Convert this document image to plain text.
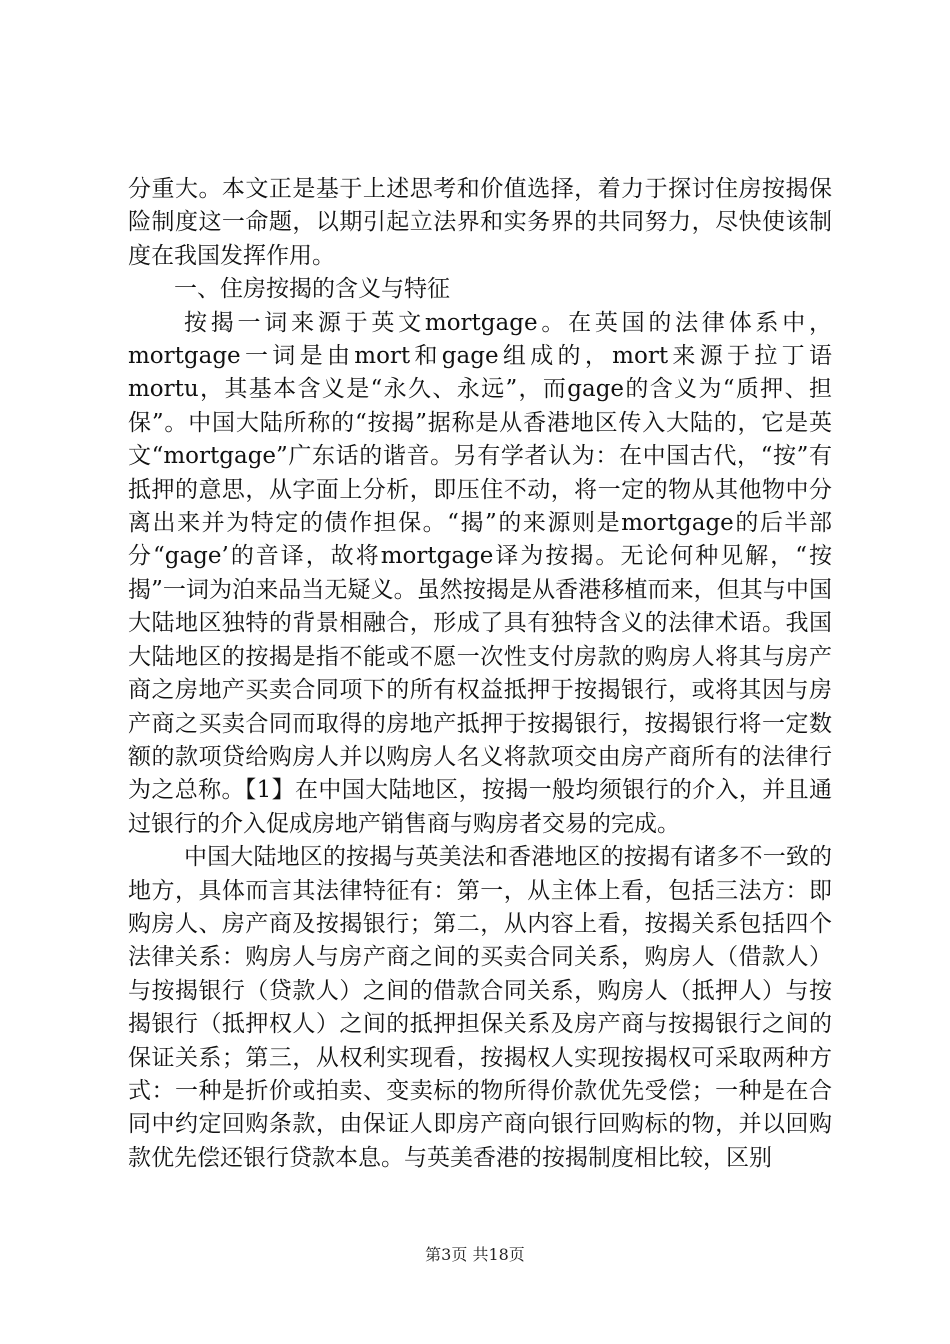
分重大。本文正是基于上述思考和价值选择，着力于探讨住房按揭保险制度这一命题，以期引起立法界和实务界的共同努力，尽快使该制度在我国发挥作用。

一、住房按揭的含义与特征

按揭一词来源于英文mortgage。在英国的法律体系中，mortgage一词是由mort和gage组成的，mort来源于拉丁语mortu，其基本含义是“永久、永远”，而gage的含义为“质押、担保”。中国大陆所称的“按揭”据称是从香港地区传入大陆的，它是英文“mortgage”广东话的谐音。另有学者认为：在中国古代，“按”有抵押的意思，从字面上分析，即压住不动，将一定的物从其他物中分离出来并为特定的债作担保。“揭”的来源则是mortgage的后半部分“gage’的音译，故将mortgage译为按揭。无论何种见解，“按揭”一词为泊来品当无疑义。虽然按揭是从香港移植而来，但其与中国大陆地区独特的背景相融合，形成了具有独特含义的法律术语。我国大陆地区的按揭是指不能或不愿一次性支付房款的购房人将其与房产商之房地产买卖合同项下的所有权益抵押于按揭银行，或将其因与房产商之买卖合同而取得的房地产抵押于按揭银行，按揭银行将一定数额的款项贷给购房人并以购房人名义将款项交由房产商所有的法律行为之总称。【1】在中国大陆地区，按揭一般均须银行的介入，并且通过银行的介入促成房地产销售商与购房者交易的完成。

中国大陆地区的按揭与英美法和香港地区的按揭有诸多不一致的地方，具体而言其法律特征有：第一，从主体上看，包括三法方：即购房人、房产商及按揭银行；第二，从内容上看，按揭关系包括四个法律关系：购房人与房产商之间的买卖合同关系，购房人（借款人）与按揭银行（贷款人）之间的借款合同关系，购房人（抵押人）与按揭银行（抵押权人）之间的抵押担保关系及房产商与按揭银行之间的保证关系；第三，从权利实现看，按揭权人实现按揭权可采取两种方式：一种是折价或拍卖、变卖标的物所得价款优先受偿；一种是在合同中约定回购条款，由保证人即房产商向银行回购标的物，并以回购款优先偿还银行贷款本息。与英美香港的按揭制度相比较，区别

第3页 共18页
